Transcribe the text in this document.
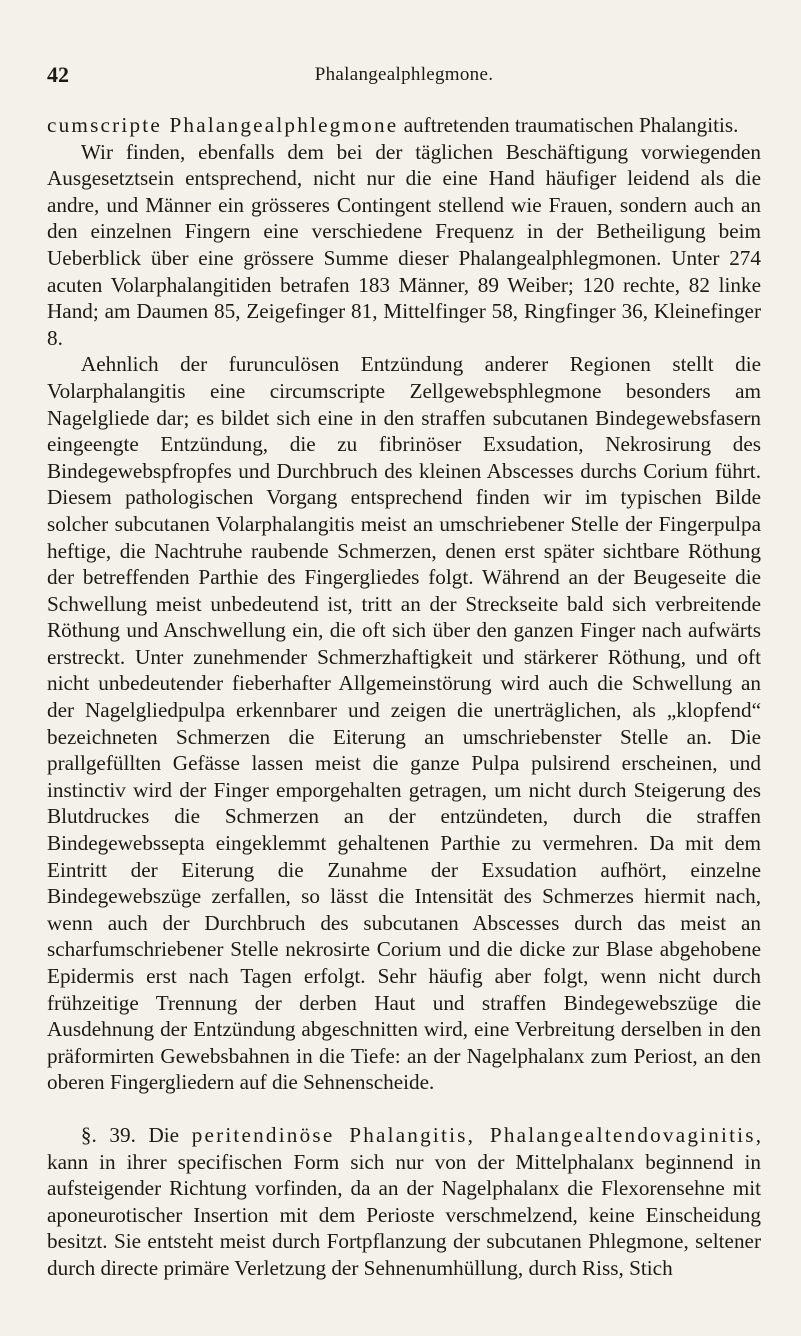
42	Phalangealphlegmone.

cumscripte Phalangealphlegmone auftretenden traumatischen Phalangitis.

Wir finden, ebenfalls dem bei der täglichen Beschäftigung vorwiegenden Ausgesetztsein entsprechend, nicht nur die eine Hand häufiger leidend als die andre, und Männer ein grösseres Contingent stellend wie Frauen, sondern auch an den einzelnen Fingern eine verschiedene Frequenz in der Betheiligung beim Ueberblick über eine grössere Summe dieser Phalangealphlegmonen. Unter 274 acuten Volarphalangitiden betrafen 183 Männer, 89 Weiber; 120 rechte, 82 linke Hand; am Daumen 85, Zeigefinger 81, Mittelfinger 58, Ringfinger 36, Kleinefinger 8.

Aehnlich der furunculösen Entzündung anderer Regionen stellt die Volarphalangitis eine circumscripte Zellgewebsphlegmone besonders am Nagelgliede dar; es bildet sich eine in den straffen subcutanen Bindegewebsfasern eingeengte Entzündung, die zu fibrinöser Exsudation, Nekrosirung des Bindegewebspfropfes und Durchbruch des kleinen Abscesses durchs Corium führt. Diesem pathologischen Vorgang entsprechend finden wir im typischen Bilde solcher subcutanen Volarphalangitis meist an umschriebener Stelle der Fingerpulpa heftige, die Nachtruhe raubende Schmerzen, denen erst später sichtbare Röthung der betreffenden Parthie des Fingergliedes folgt. Während an der Beugeseite die Schwellung meist unbedeutend ist, tritt an der Streckseite bald sich verbreitende Röthung und Anschwellung ein, die oft sich über den ganzen Finger nach aufwärts erstreckt. Unter zunehmender Schmerzhaftigkeit und stärkerer Röthung, und oft nicht unbedeutender fieberhafter Allgemeinstörung wird auch die Schwellung an der Nagelgliedpulpa erkennbarer und zeigen die unerträglichen, als „klopfend“ bezeichneten Schmerzen die Eiterung an umschriebenster Stelle an. Die prallgefüllten Gefässe lassen meist die ganze Pulpa pulsirend erscheinen, und instinctiv wird der Finger emporgehalten getragen, um nicht durch Steigerung des Blutdruckes die Schmerzen an der entzündeten, durch die straffen Bindegewebssepta eingeklemmt gehaltenen Parthie zu vermehren. Da mit dem Eintritt der Eiterung die Zunahme der Exsudation aufhört, einzelne Bindegewebszüge zerfallen, so lässt die Intensität des Schmerzes hiermit nach, wenn auch der Durchbruch des subcutanen Abscesses durch das meist an scharfumschriebener Stelle nekrosirte Corium und die dicke zur Blase abgehobene Epidermis erst nach Tagen erfolgt. Sehr häufig aber folgt, wenn nicht durch frühzeitige Trennung der derben Haut und straffen Bindegewebszüge die Ausdehnung der Entzündung abgeschnitten wird, eine Verbreitung derselben in den präformirten Gewebsbahnen in die Tiefe: an der Nagelphalanx zum Periost, an den oberen Fingergliedern auf die Sehnenscheide.

§. 39. Die peritendinöse Phalangitis, Phalangealtendovaginitis, kann in ihrer specifischen Form sich nur von der Mittelphalanx beginnend in aufsteigender Richtung vorfinden, da an der Nagelphalanx die Flexorensehne mit aponeurotischer Insertion mit dem Perioste verschmelzend, keine Einscheidung besitzt. Sie entsteht meist durch Fortpflanzung der subcutanen Phlegmone, seltener durch directe primäre Verletzung der Sehnenumhüllung, durch Riss, Stich
